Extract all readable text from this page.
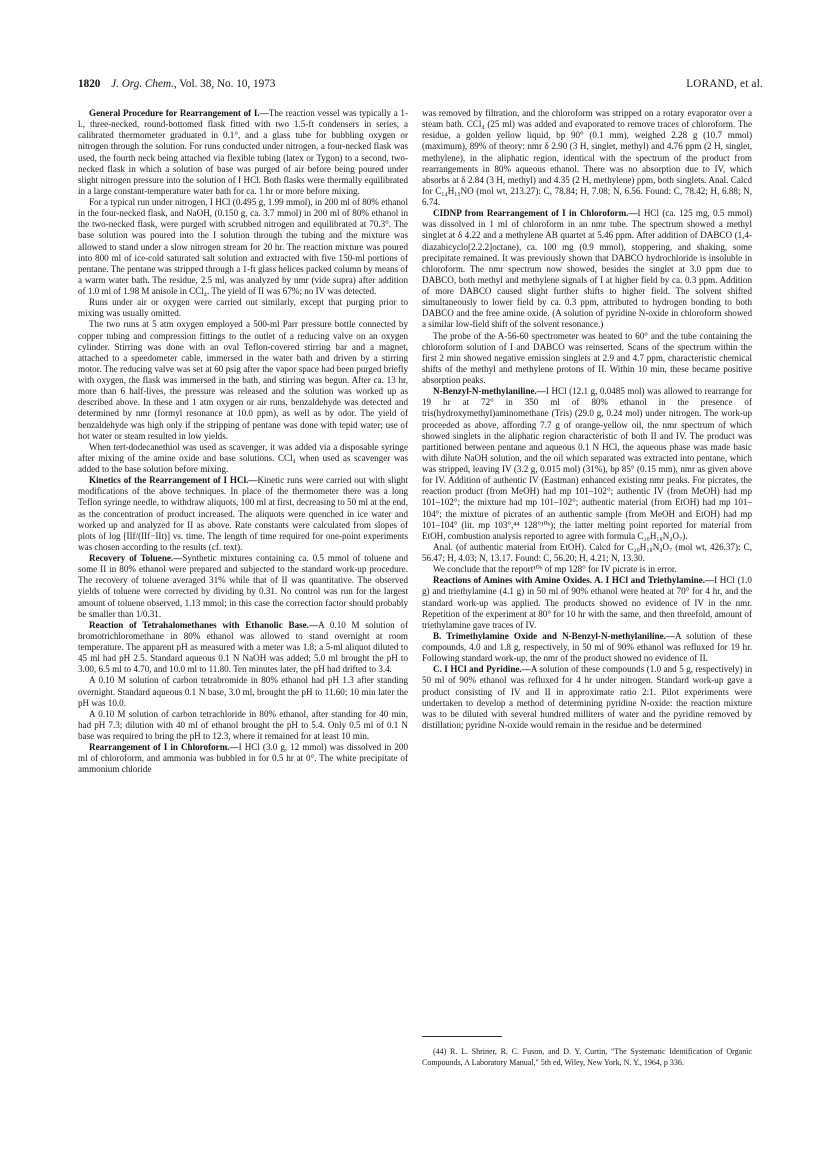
1820 J. Org. Chem., Vol. 38, No. 10, 1973	LORAND, et al.

General Procedure for Rearrangement of I.—The reaction vessel was typically a 1-l., three-necked, round-bottomed flask fitted with two 1.5-ft condensers in series, a calibrated thermometer graduated in 0.1°, and a glass tube for bubbling oxygen or nitrogen through the solution. For runs conducted under nitrogen, a four-necked flask was used, the fourth neck being attached via flexible tubing (latex or Tygon) to a second, two-necked flask in which a solution of base was purged of air before being poured under slight nitrogen pressure into the solution of I HCl. Both flasks were thermally equilibrated in a large constant-temperature water bath for ca. 1 hr or more before mixing.

For a typical run under nitrogen, I HCl (0.495 g, 1.99 mmol), in 200 ml of 80% ethanol in the four-necked flask, and NaOH, (0.150 g, ca. 3.7 mmol) in 200 ml of 80% ethanol in the two-necked flask, were purged with scrubbed nitrogen and equilibrated at 70.3°. The base solution was poured into the I solution through the tubing and the mixture was allowed to stand under a slow nitrogen stream for 20 hr. The reaction mixture was poured into 800 ml of ice-cold saturated salt solution and extracted with five 150-ml portions of pentane. The pentane was stripped through a 1-ft glass helices packed column by means of a warm water bath. The residue, 2.5 ml, was analyzed by nmr (vide supra) after addition of 1.0 ml of 1.98 M anisole in CCl₄. The yield of II was 67%; no IV was detected.

Runs under air or oxygen were carried out similarly, except that purging prior to mixing was usually omitted.

The two runs at 5 atm oxygen employed a 500-ml Parr pressure bottle connected by copper tubing and compression fittings to the outlet of a reducing valve on an oxygen cylinder. Stirring was done with an oval Teflon-covered stirring bar and a magnet, attached to a speedometer cable, immersed in the water bath and driven by a stirring motor. The reducing valve was set at 60 psig after the vapor space had been purged briefly with oxygen, the flask was immersed in the bath, and stirring was begun. After ca. 13 hr, more than 6 half-lives, the pressure was released and the solution was worked up as described above. In these and 1 atm oxygen or air runs, benzaldehyde was detected and determined by nmr (formyl resonance at 10.0 ppm), as well as by odor. The yield of benzaldehyde was high only if the stripping of pentane was done with tepid water; use of hot water or steam resulted in low yields.

When tert-dodecanethiol was used as scavenger, it was added via a disposable syringe after mixing of the amine oxide and base solutions. CCl₄ when used as scavenger was added to the base solution before mixing.

Kinetics of the Rearrangement of I HCl.—Kinetic runs were carried out with slight modifications of the above techniques. In place of the thermometer there was a long Teflon syringe needle, to withdraw aliquots, 100 ml at first, decreasing to 50 ml at the end, as the concentration of product increased. The aliquots were quenched in ice water and worked up and analyzed for II as above. Rate constants were calculated from slopes of plots of log [IIf/(IIf−IIt)] vs. time. The length of time required for one-point experiments was chosen according to the results (cf. text).

Recovery of Toluene.—Synthetic mixtures containing ca. 0.5 mmol of toluene and some II in 80% ethanol were prepared and subjected to the standard work-up procedure. The recovery of toluene averaged 31% while that of II was quantitative. The observed yields of toluene were corrected by dividing by 0.31. No control was run for the largest amount of toluene observed, 1.13 mmol; in this case the correction factor should probably be smaller than 1/0.31.

Reaction of Tetrahalomethanes with Ethanolic Base.—A 0.10 M solution of bromotrichloromethane in 80% ethanol was allowed to stand overnight at room temperature. The apparent pH as measured with a meter was 1.8; a 5-ml aliquot diluted to 45 ml had pH 2.5. Standard aqueous 0.1 N NaOH was added; 5.0 ml brought the pH to 3.00, 6.5 ml to 4.70, and 10.0 ml to 11.80. Ten minutes later, the pH had drifted to 3.4.

A 0.10 M solution of carbon tetrabromide in 80% ethanol had pH 1.3 after standing overnight. Standard aqueous 0.1 N base, 3.0 ml, brought the pH to 11.60; 10 min later the pH was 10.0.

A 0.10 M solution of carbon tetrachloride in 80% ethanol, after standing for 40 min, had pH 7.3; dilution with 40 ml of ethanol brought the pH to 5.4. Only 0.5 ml of 0.1 N base was required to bring the pH to 12.3, where it remained for at least 10 min.

Rearrangement of I in Chloroform.—I HCl (3.0 g, 12 mmol) was dissolved in 200 ml of chloroform, and ammonia was bubbled in for 0.5 hr at 0°. The white precipitate of ammonium chloride

was removed by filtration, and the chloroform was stripped on a rotary evaporator over a steam bath. CCl₄ (25 ml) was added and evaporated to remove traces of chloroform. The residue, a golden yellow liquid, bp 90° (0.1 mm), weighed 2.28 g (10.7 mmol) (maximum), 89% of theory: nmr δ 2.90 (3 H, singlet, methyl) and 4.76 ppm (2 H, singlet, methylene), in the aliphatic region, identical with the spectrum of the product from rearrangements in 80% aqueous ethanol. There was no absorption due to IV, which absorbs at δ 2.84 (3 H, methyl) and 4.35 (2 H, methylene) ppm, both singlets. Anal. Calcd for C₁₄H₁₅NO (mol wt, 213.27): C, 78.84; H, 7.08; N, 6.56. Found: C, 78.42; H, 6.88; N, 6.74.

CIDNP from Rearrangement of I in Chloroform.—I HCl (ca. 125 mg, 0.5 mmol) was dissolved in 1 ml of chloroform in an nmr tube. The spectrum showed a methyl singlet at δ 4.22 and a methylene AB quartet at 5.46 ppm. After addition of DABCO (1,4-diazabicyclo[2.2.2]octane), ca. 100 mg (0.9 mmol), stoppering, and shaking, some precipitate remained. It was previously shown that DABCO hydrochloride is insoluble in chloroform. The nmr spectrum now showed, besides the singlet at 3.0 ppm due to DABCO, both methyl and methylene signals of I at higher field by ca. 0.3 ppm. Addition of more DABCO caused slight further shifts to higher field. The solvent shifted simultaneously to lower field by ca. 0.3 ppm, attributed to hydrogen bonding to both DABCO and the free amine oxide. (A solution of pyridine N-oxide in chloroform showed a similar low-field shift of the solvent resonance.)

The probe of the A-56-60 spectrometer was heated to 60° and the tube containing the chloroform solution of I and DABCO was reinserted. Scans of the spectrum within the first 2 min showed negative emission singlets at 2.9 and 4.7 ppm, characteristic chemical shifts of the methyl and methylene protons of II. Within 10 min, these became positive absorption peaks.

N-Benzyl-N-methylaniline.—I HCl (12.1 g, 0.0485 mol) was allowed to rearrange for 19 hr at 72° in 350 ml of 80% ethanol in the presence of tris(hydroxymethyl)aminomethane (Tris) (29.0 g, 0.24 mol) under nitrogen. The work-up proceeded as above, affording 7.7 g of orange-yellow oil, the nmr spectrum of which showed singlets in the aliphatic region characteristic of both II and IV. The product was partitioned between pentane and aqueous 0.1 N HCl, the aqueous phase was made basic with dilute NaOH solution, and the oil which separated was extracted into pentane, which was stripped, leaving IV (3.2 g, 0.015 mol) (31%), bp 85° (0.15 mm), nmr as given above for IV. Addition of authentic IV (Eastman) enhanced existing nmr peaks. For picrates, the reaction product (from MeOH) had mp 101–102°; authentic IV (from MeOH) had mp 101–102°; the mixture had mp 101–102°; authentic material (from EtOH) had mp 101–104°; the mixture of picrates of an authentic sample (from MeOH and EtOH) had mp 101–104° (lit. mp 103°,⁴⁴ 128°¹⁰ᵇ); the latter melting point reported for material from EtOH, combustion analysis reported to agree with formula C₂₀H₁₈N₄O₇).

Anal. (of authentic material from EtOH). Calcd for C₂₀H₁₈N₄O₇ (mol wt, 426.37): C, 56.47; H, 4.03; N, 13.17. Found: C, 56.20; H, 4.21; N, 13.30.

We conclude that the report¹⁰ᵇ of mp 128° for IV picrate is in error.

Reactions of Amines with Amine Oxides. A. I HCl and Triethylamine.—I HCl (1.0 g) and triethylamine (4.1 g) in 50 ml of 90% ethanol were heated at 70° for 4 hr, and the standard work-up was applied. The products showed no evidence of IV in the nmr. Repetition of the experiment at 80° for 10 hr with the same, and then threefold, amount of triethylamine gave traces of IV.

B. Trimethylamine Oxide and N-Benzyl-N-methylaniline.—A solution of these compounds, 4.0 and 1.8 g, respectively, in 50 ml of 90% ethanol was refluxed for 19 hr. Following standard work-up, the nmr of the product showed no evidence of II.

C. I HCl and Pyridine.—A solution of these compounds (1.0 and 5 g, respectively) in 50 ml of 90% ethanol was refluxed for 4 hr under nitrogen. Standard work-up gave a product consisting of IV and II in approximate ratio 2:1. Pilot experiments were undertaken to develop a method of determining pyridine N-oxide: the reaction mixture was to be diluted with several hundred milliters of water and the pyridine removed by distillation; pyridine N-oxide would remain in the residue and be determined

(44) R. L. Shriner, R. C. Fuson, and D. Y. Curtin, "The Systematic Identification of Organic Compounds, A Laboratory Manual," 5th ed, Wiley, New York, N. Y., 1964, p 336.
